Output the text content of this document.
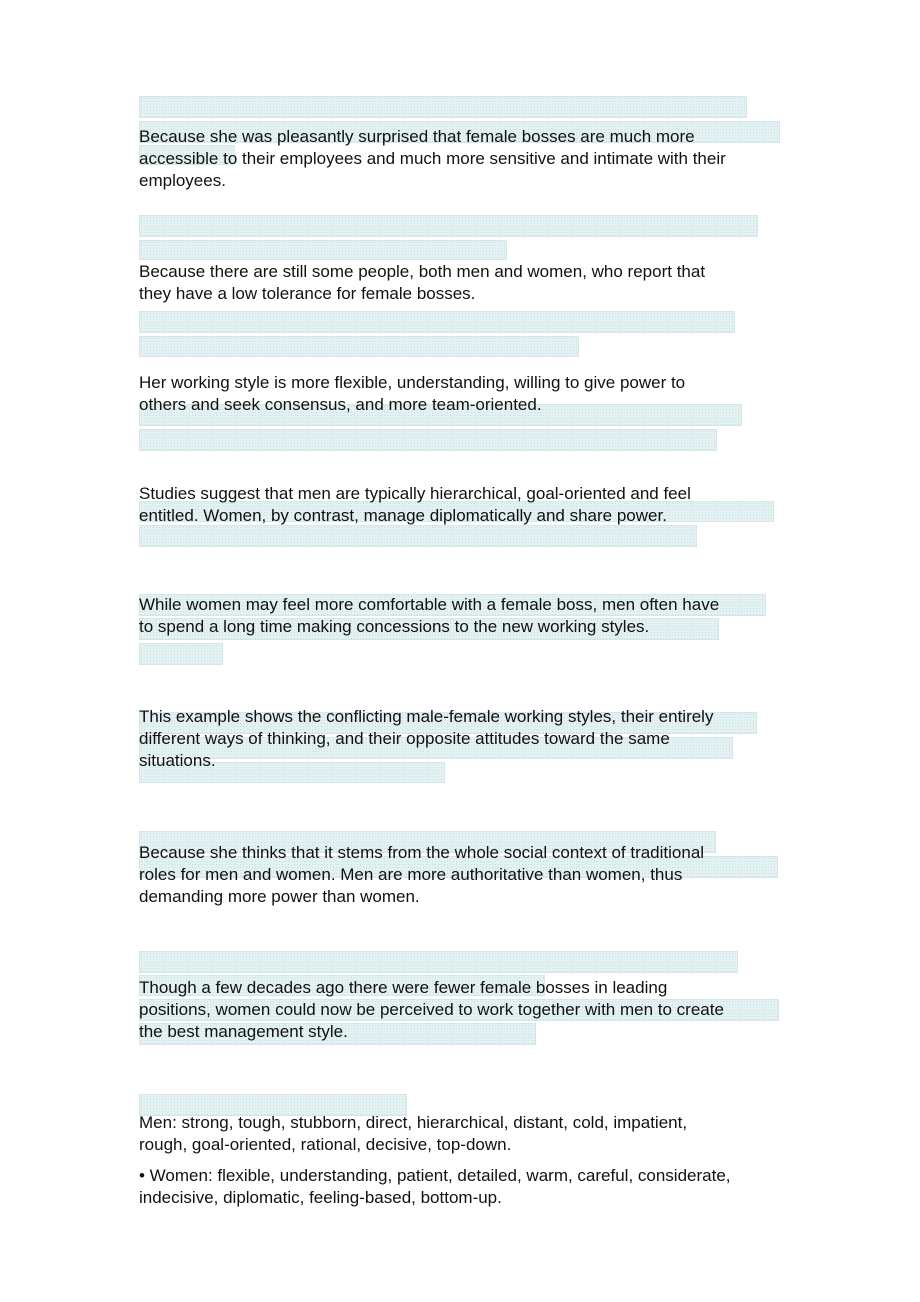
Because she was pleasantly surprised that female bosses are much more
accessible to their employees and much more sensitive and intimate with their
employees.
Because there are still some people, both men and women, who report that
they have a low tolerance for female bosses.
Her working style is more flexible, understanding, willing to give power to
others and seek consensus, and more team-oriented.
Studies suggest that men are typically hierarchical, goal-oriented and feel
entitled. Women, by contrast, manage diplomatically and share power.
While women may feel more comfortable with a female boss, men often have
to spend a long time making concessions to the new working styles.
This example shows the conflicting male-female working styles, their entirely
different ways of thinking, and their opposite attitudes toward the same
situations.
Because she thinks that it stems from the whole social context of traditional
roles for men and women. Men are more authoritative than women, thus
demanding more power than women.
Though a few decades ago there were fewer female bosses in leading
positions, women could now be perceived to work together with men to create
the best management style.
Men: strong, tough, stubborn, direct, hierarchical, distant, cold, impatient,
rough, goal-oriented, rational, decisive, top-down.
• Women: flexible, understanding, patient, detailed, warm, careful, considerate,
indecisive, diplomatic, feeling-based, bottom-up.
